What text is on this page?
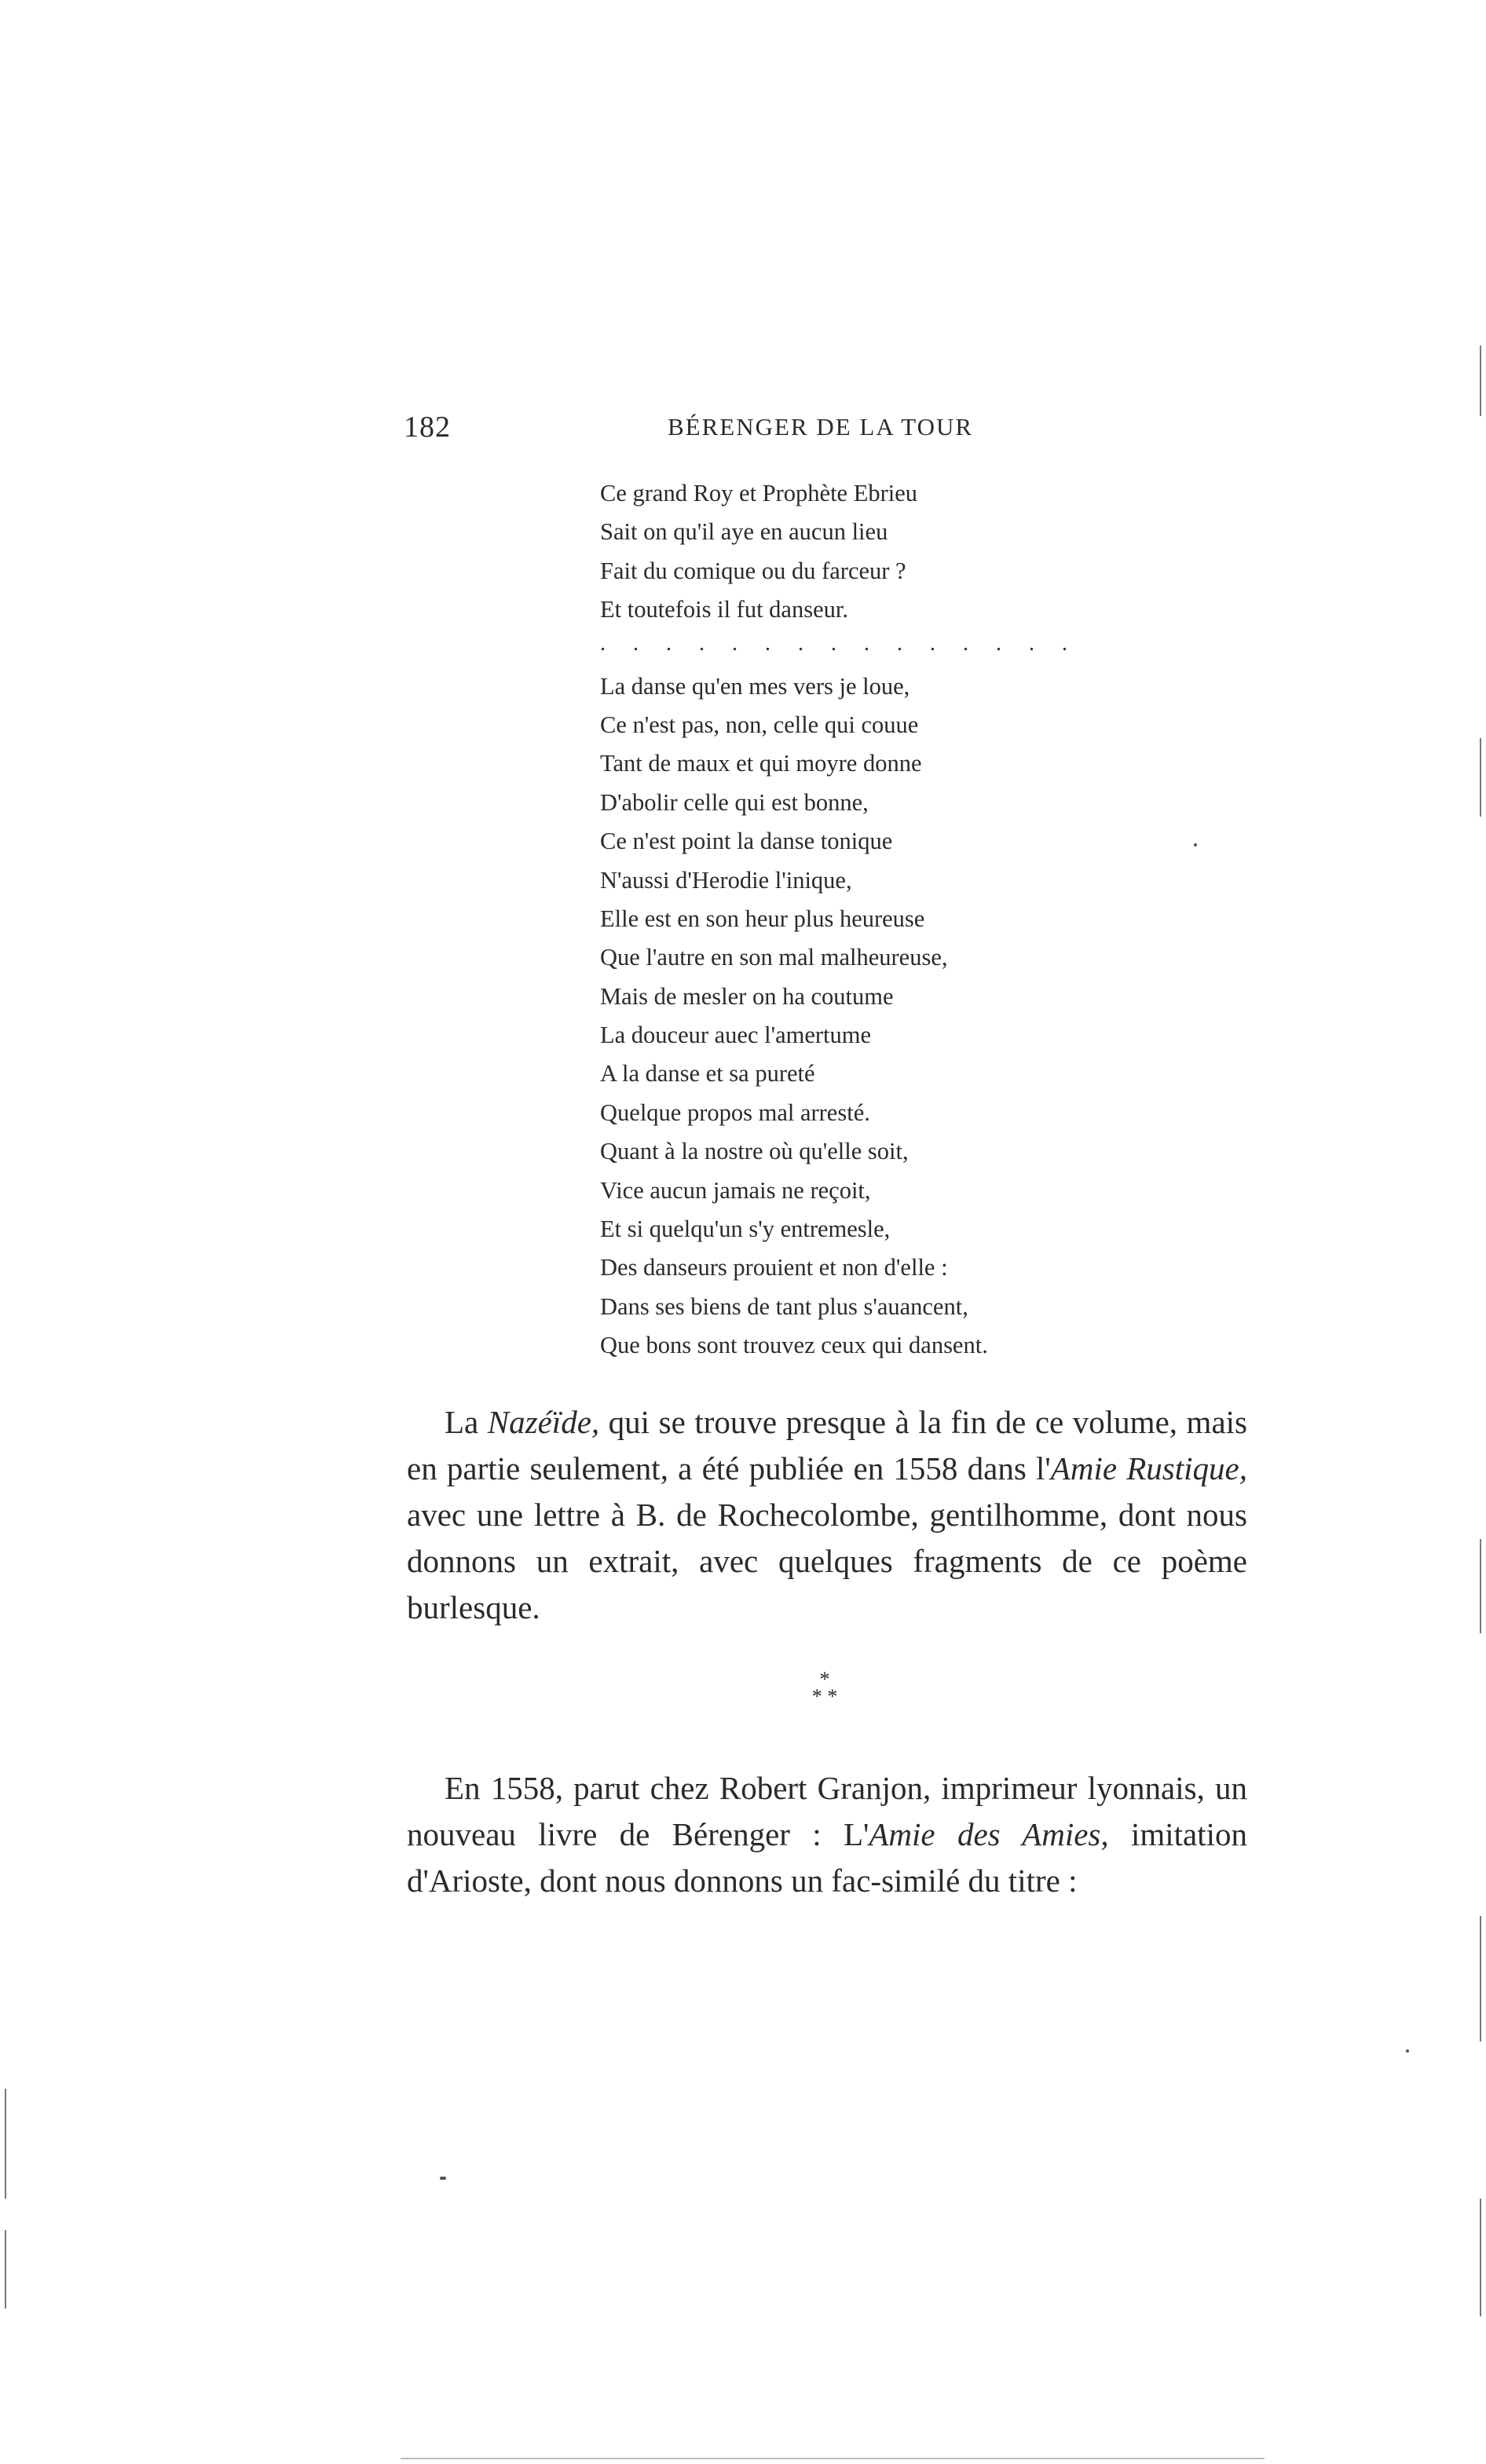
182	BÉRENGER DE LA TOUR
Ce grand Roy et Prophète Ebrieu
Sait on qu'il aye en aucun lieu
Fait du comique ou du farceur ?
Et toutefois il fut danseur.
. . . . . . . . . . . . . . .
La danse qu'en mes vers je loue,
Ce n'est pas, non, celle qui couue
Tant de maux et qui moyre donne
D'abolir celle qui est bonne,
Ce n'est point la danse tonique
N'aussi d'Herodie l'inique,
Elle est en son heur plus heureuse
Que l'autre en son mal malheureuse,
Mais de mesler on ha coutume
La douceur auec l'amertume
A la danse et sa pureté
Quelque propos mal arresté.
Quant à la nostre où qu'elle soit,
Vice aucun jamais ne reçoit,
Et si quelqu'un s'y entremesle,
Des danseurs prouient et non d'elle :
Dans ses biens de tant plus s'auancent,
Que bons sont trouvez ceux qui dansent.

La Nazéïde, qui se trouve presque à la fin de ce volume, mais en partie seulement, a été publiée en 1558 dans l'Amie Rustique, avec une lettre à B. de Rochecolombe, gentilhomme, dont nous donnons un extrait, avec quelques fragments de ce poème burlesque.

*
* *

En 1558, parut chez Robert Granjon, imprimeur lyonnais, un nouveau livre de Bérenger : L'Amie des Amies, imitation d'Arioste, dont nous donnons un fac-similé du titre :
